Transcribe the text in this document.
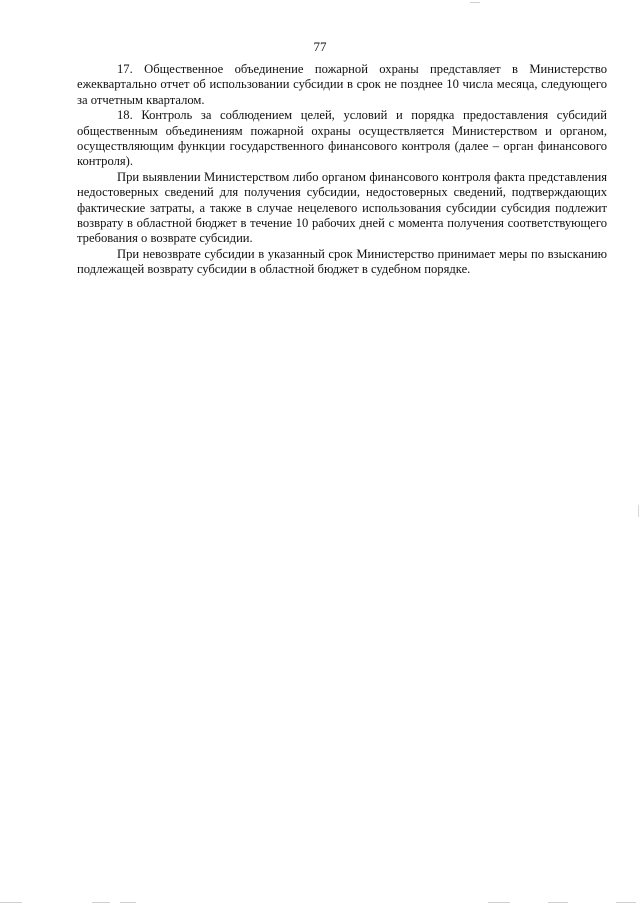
77

17. Общественное объединение пожарной охраны представляет в Министерство ежеквартально отчет об использовании субсидии в срок не позднее 10 числа месяца, следующего за отчетным кварталом.

18. Контроль за соблюдением целей, условий и порядка предоставления субсидий общественным объединениям пожарной охраны осуществляется Министерством и органом, осуществляющим функции государственного финансового контроля (далее – орган финансового контроля).

При выявлении Министерством либо органом финансового контроля факта представления недостоверных сведений для получения субсидии, недостоверных сведений, подтверждающих фактические затраты, а также в случае нецелевого использования субсидии субсидия подлежит возврату в областной бюджет в течение 10 рабочих дней с момента получения соответствующего требования о возврате субсидии.

При невозврате субсидии в указанный срок Министерство принимает меры по взысканию подлежащей возврату субсидии в областной бюджет в судебном порядке.
